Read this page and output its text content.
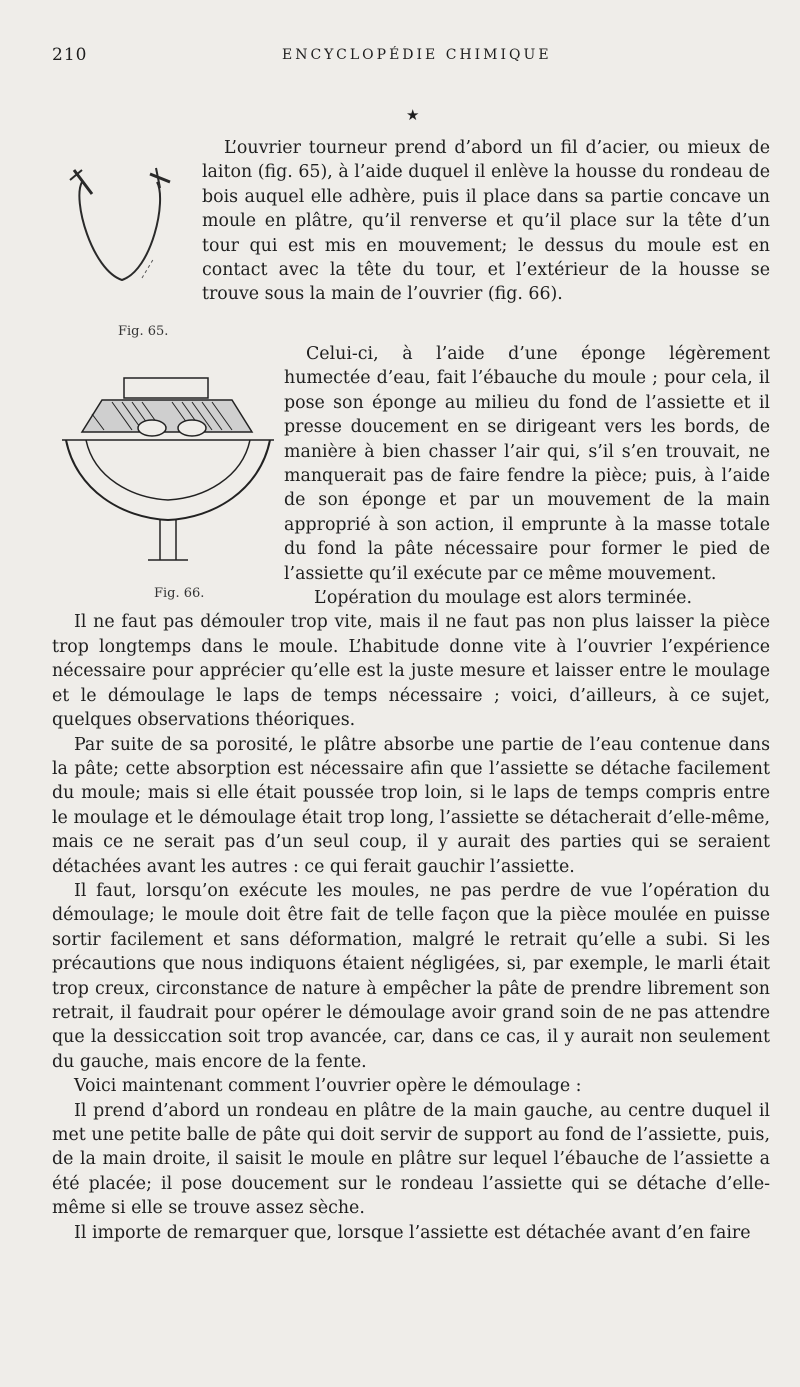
210	ENCYCLOPÉDIE CHIMIQUE
★

Fig. 65.
L’ouvrier tourneur prend d’abord un fil d’acier, ou mieux de laiton (fig. 65), à l’aide duquel il enlève la housse du rondeau de bois auquel elle adhère, puis il place dans sa partie concave un moule en plâtre, qu’il renverse et qu’il place sur la tête d’un tour qui est mis en mouvement; le dessus du moule est en contact avec la tête du tour, et l’extérieur de la housse se trouve sous la main de l’ouvrier (fig. 66).

Fig. 66.
Celui-ci, à l’aide d’une éponge légèrement humectée d’eau, fait l’ébauche du moule ; pour cela, il pose son éponge au milieu du fond de l’assiette et il presse doucement en se dirigeant vers les bords, de manière à bien chasser l’air qui, s’il s’en trouvait, ne manquerait pas de faire fendre la pièce; puis, à l’aide de son éponge et par un mouvement de la main approprié à son action, il emprunte à la masse totale du fond la pâte nécessaire pour former le pied de l’assiette qu’il exécute par ce même mouvement.

L’opération du moulage est alors terminée.

Il ne faut pas démouler trop vite, mais il ne faut pas non plus laisser la pièce trop longtemps dans le moule. L’habitude donne vite à l’ouvrier l’expérience nécessaire pour apprécier qu’elle est la juste mesure et laisser entre le moulage et le démoulage le laps de temps nécessaire ; voici, d’ailleurs, à ce sujet, quelques observations théoriques.

Par suite de sa porosité, le plâtre absorbe une partie de l’eau contenue dans la pâte; cette absorption est nécessaire afin que l’assiette se détache facilement du moule; mais si elle était poussée trop loin, si le laps de temps compris entre le moulage et le démoulage était trop long, l’assiette se détacherait d’elle-même, mais ce ne serait pas d’un seul coup, il y aurait des parties qui se seraient détachées avant les autres : ce qui ferait gauchir l’assiette.

Il faut, lorsqu’on exécute les moules, ne pas perdre de vue l’opération du démoulage; le moule doit être fait de telle façon que la pièce moulée en puisse sortir facilement et sans déformation, malgré le retrait qu’elle a subi. Si les précautions que nous indiquons étaient négligées, si, par exemple, le marli était trop creux, circonstance de nature à empêcher la pâte de prendre librement son retrait, il faudrait pour opérer le démoulage avoir grand soin de ne pas attendre que la dessiccation soit trop avancée, car, dans ce cas, il y aurait non seulement du gauche, mais encore de la fente.

Voici maintenant comment l’ouvrier opère le démoulage :

Il prend d’abord un rondeau en plâtre de la main gauche, au centre duquel il met une petite balle de pâte qui doit servir de support au fond de l’assiette, puis, de la main droite, il saisit le moule en plâtre sur lequel l’ébauche de l’assiette a été placée; il pose doucement sur le rondeau l’assiette qui se détache d’elle-même si elle se trouve assez sèche.

Il importe de remarquer que, lorsque l’assiette est détachée avant d’en faire
